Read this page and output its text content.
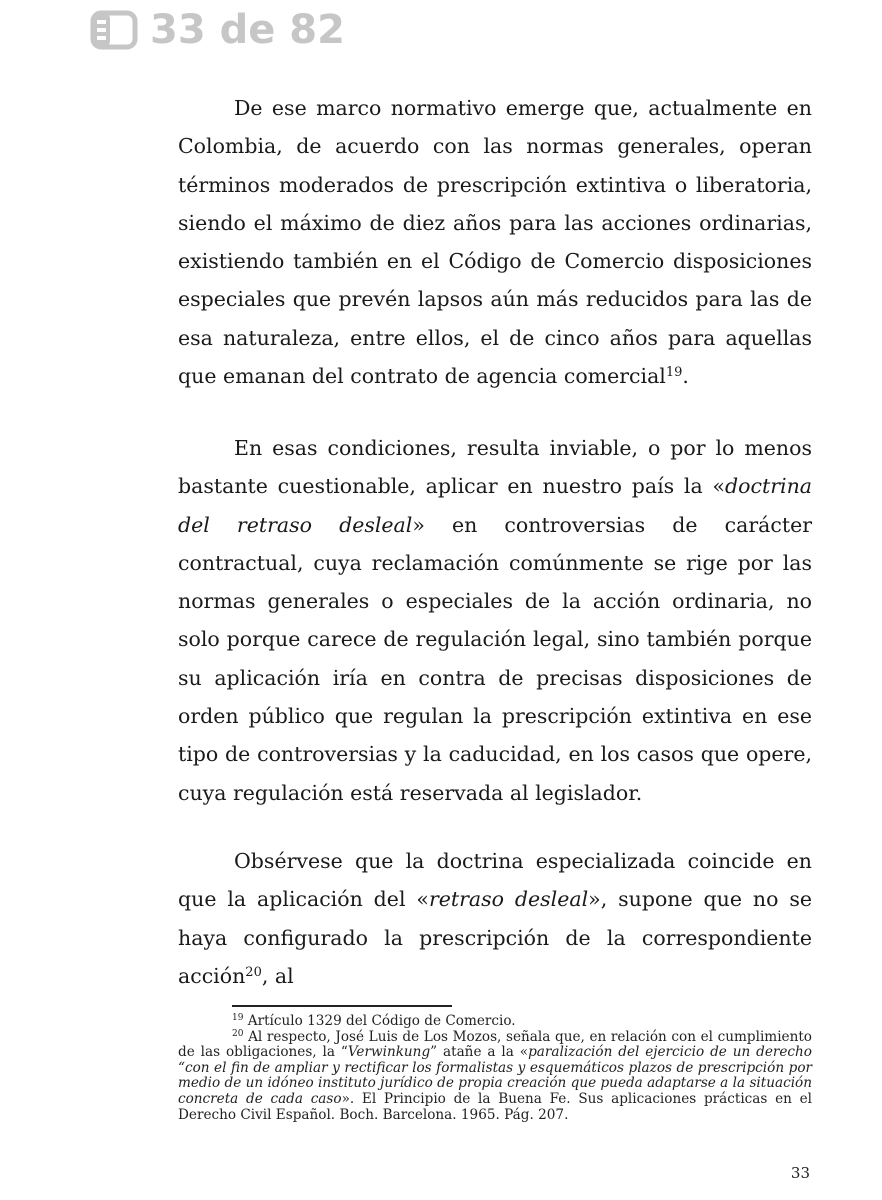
33 de 82

De ese marco normativo emerge que, actualmente en Colombia, de acuerdo con las normas generales, operan términos moderados de prescripción extintiva o liberatoria, siendo el máximo de diez años para las acciones ordinarias, existiendo también en el Código de Comercio disposiciones especiales que prevén lapsos aún más reducidos para las de esa naturaleza, entre ellos, el de cinco años para aquellas que emanan del contrato de agencia comercial$^{19}$.

En esas condiciones, resulta inviable, o por lo menos bastante cuestionable, aplicar en nuestro país la «doctrina del retraso desleal» en controversias de carácter contractual, cuya reclamación comúnmente se rige por las normas generales o especiales de la acción ordinaria, no solo porque carece de regulación legal, sino también porque su aplicación iría en contra de precisas disposiciones de orden público que regulan la prescripción extintiva en ese tipo de controversias y la caducidad, en los casos que opere, cuya regulación está reservada al legislador.

Obsérvese que la doctrina especializada coincide en que la aplicación del «retraso desleal», supone que no se haya configurado la prescripción de la correspondiente acción$^{20}$, al

$^{19}$ Artículo 1329 del Código de Comercio.

$^{20}$ Al respecto, José Luis de Los Mozos, señala que, en relación con el cumplimiento de las obligaciones, la “Verwinkung” atañe a la «paralización del ejercicio de un derecho “con el fin de ampliar y rectificar los formalistas y esquemáticos plazos de prescripción por medio de un idóneo instituto jurídico de propia creación que pueda adaptarse a la situación concreta de cada caso». El Principio de la Buena Fe. Sus aplicaciones prácticas en el Derecho Civil Español. Boch. Barcelona. 1965. Pág. 207.

33
